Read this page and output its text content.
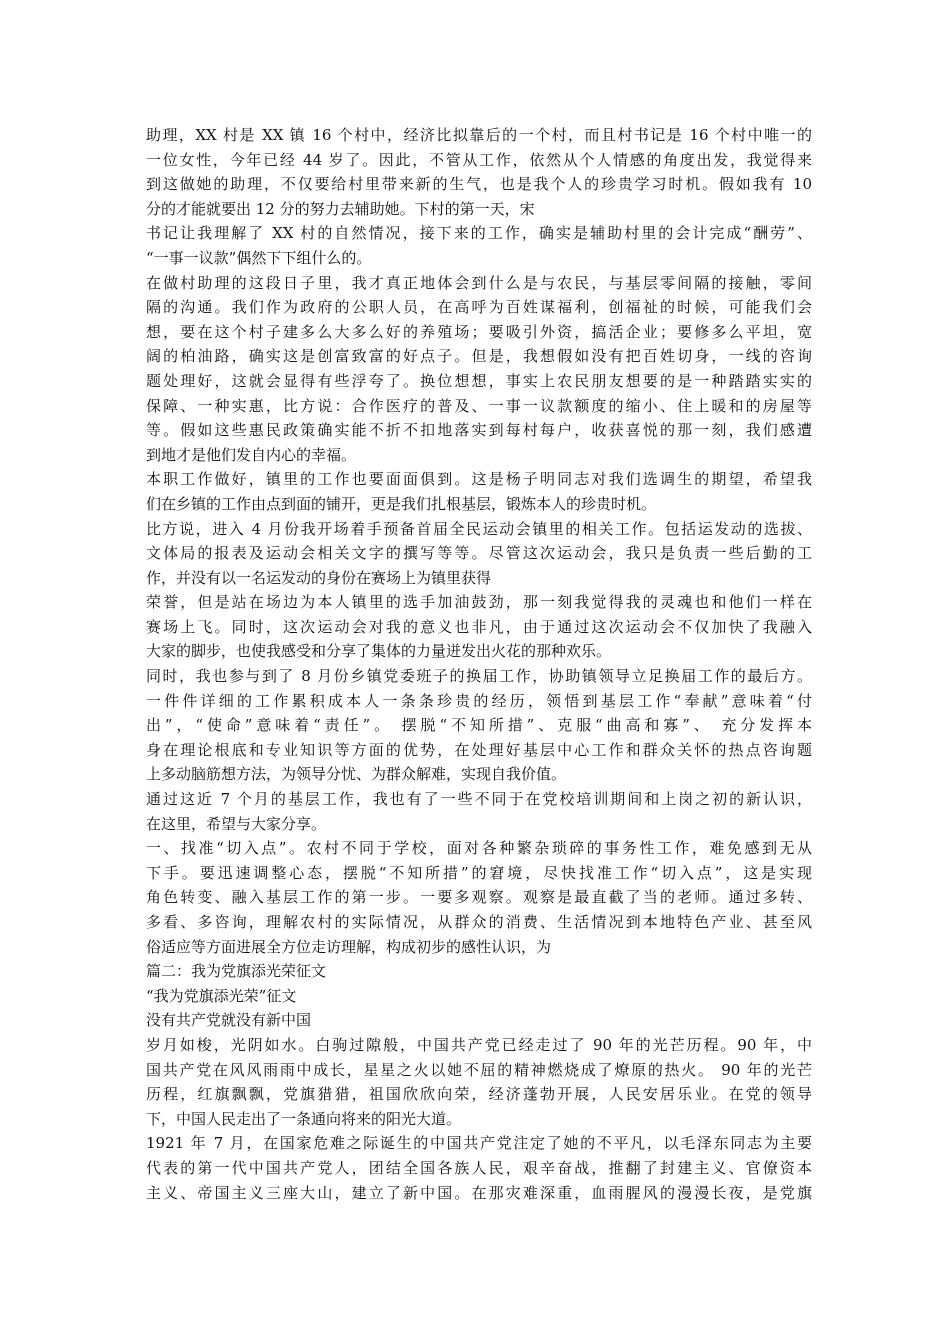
助理，XX 村是 XX 镇 16 个村中，经济比拟靠后的一个村，而且村书记是 16 个村中唯一的
一位女性，今年已经 44 岁了。因此，不管从工作，依然从个人情感的角度出发，我觉得来
到这做她的助理，不仅要给村里带来新的生气，也是我个人的珍贵学习时机。假如我有 10
分的才能就要出 12 分的努力去辅助她。下村的第一天，宋
书记让我理解了 XX 村的自然情况，接下来的工作，确实是辅助村里的会计完成“酬劳”、
“一事一议款”偶然下下组什么的。
在做村助理的这段日子里，我才真正地体会到什么是与农民，与基层零间隔的接触，零间
隔的沟通。我们作为政府的公职人员，在高呼为百姓谋福利，创福祉的时候，可能我们会
想，要在这个村子建多么大多么好的养殖场；要吸引外资，搞活企业；要修多么平坦，宽
阔的柏油路，确实这是创富致富的好点子。但是，我想假如没有把百姓切身，一线的咨询
题处理好，这就会显得有些浮夸了。换位想想，事实上农民朋友想要的是一种踏踏实实的
保障、一种实惠，比方说：合作医疗的普及、一事一议款额度的缩小、住上暖和的房屋等
等。假如这些惠民政策确实能不折不扣地落实到每村每户，收获喜悦的那一刻，我们感遭
到地才是他们发自内心的幸福。
本职工作做好，镇里的工作也要面面俱到。这是杨子明同志对我们选调生的期望，希望我
们在乡镇的工作由点到面的铺开，更是我们扎根基层，锻炼本人的珍贵时机。
比方说，进入 4 月份我开场着手预备首届全民运动会镇里的相关工作。包括运发动的选拔、
文体局的报表及运动会相关文字的撰写等等。尽管这次运动会，我只是负责一些后勤的工
作，并没有以一名运发动的身份在赛场上为镇里获得
荣誉，但是站在场边为本人镇里的选手加油鼓劲，那一刻我觉得我的灵魂也和他们一样在
赛场上飞。同时，这次运动会对我的意义也非凡，由于通过这次运动会不仅加快了我融入
大家的脚步，也使我感受和分享了集体的力量迸发出火花的那种欢乐。
同时，我也参与到了 8 月份乡镇党委班子的换届工作，协助镇领导立足换届工作的最后方。
一件件详细的工作累积成本人一条条珍贵的经历，领悟到基层工作“奉献”意味着“付
出”，“使命”意味着“责任”。 摆脱“不知所措”、克服“曲高和寡”、 充分发挥本
身在理论根底和专业知识等方面的优势，在处理好基层中心工作和群众关怀的热点咨询题
上多动脑筋想方法，为领导分忧、为群众解难，实现自我价值。
通过这近 7 个月的基层工作，我也有了一些不同于在党校培训期间和上岗之初的新认识，
在这里，希望与大家分享。
一、找准“切入点”。农村不同于学校，面对各种繁杂琐碎的事务性工作，难免感到无从
下手。要迅速调整心态，摆脱“不知所措”的窘境，尽快找准工作“切入点”，这是实现
角色转变、融入基层工作的第一步。一要多观察。观察是最直截了当的老师。通过多转、
多看、多咨询，理解农村的实际情况，从群众的消费、生活情况到本地特色产业、甚至风
俗适应等方面进展全方位走访理解，构成初步的感性认识，为
篇二：我为党旗添光荣征文
“我为党旗添光荣”征文
没有共产党就没有新中国
岁月如梭，光阴如水。白驹过隙般，中国共产党已经走过了 90 年的光芒历程。90 年，中
国共产党在风风雨雨中成长，星星之火以她不屈的精神燃烧成了燎原的热火。 90 年的光芒
历程，红旗飘飘，党旗猎猎，祖国欣欣向荣，经济蓬勃开展，人民安居乐业。在党的领导
下，中国人民走出了一条通向将来的阳光大道。
1921 年 7 月，在国家危难之际诞生的中国共产党注定了她的不平凡，以毛泽东同志为主要
代表的第一代中国共产党人，团结全国各族人民，艰辛奋战，推翻了封建主义、官僚资本
主义、帝国主义三座大山，建立了新中国。在那灾难深重，血雨腥风的漫漫长夜，是党旗
